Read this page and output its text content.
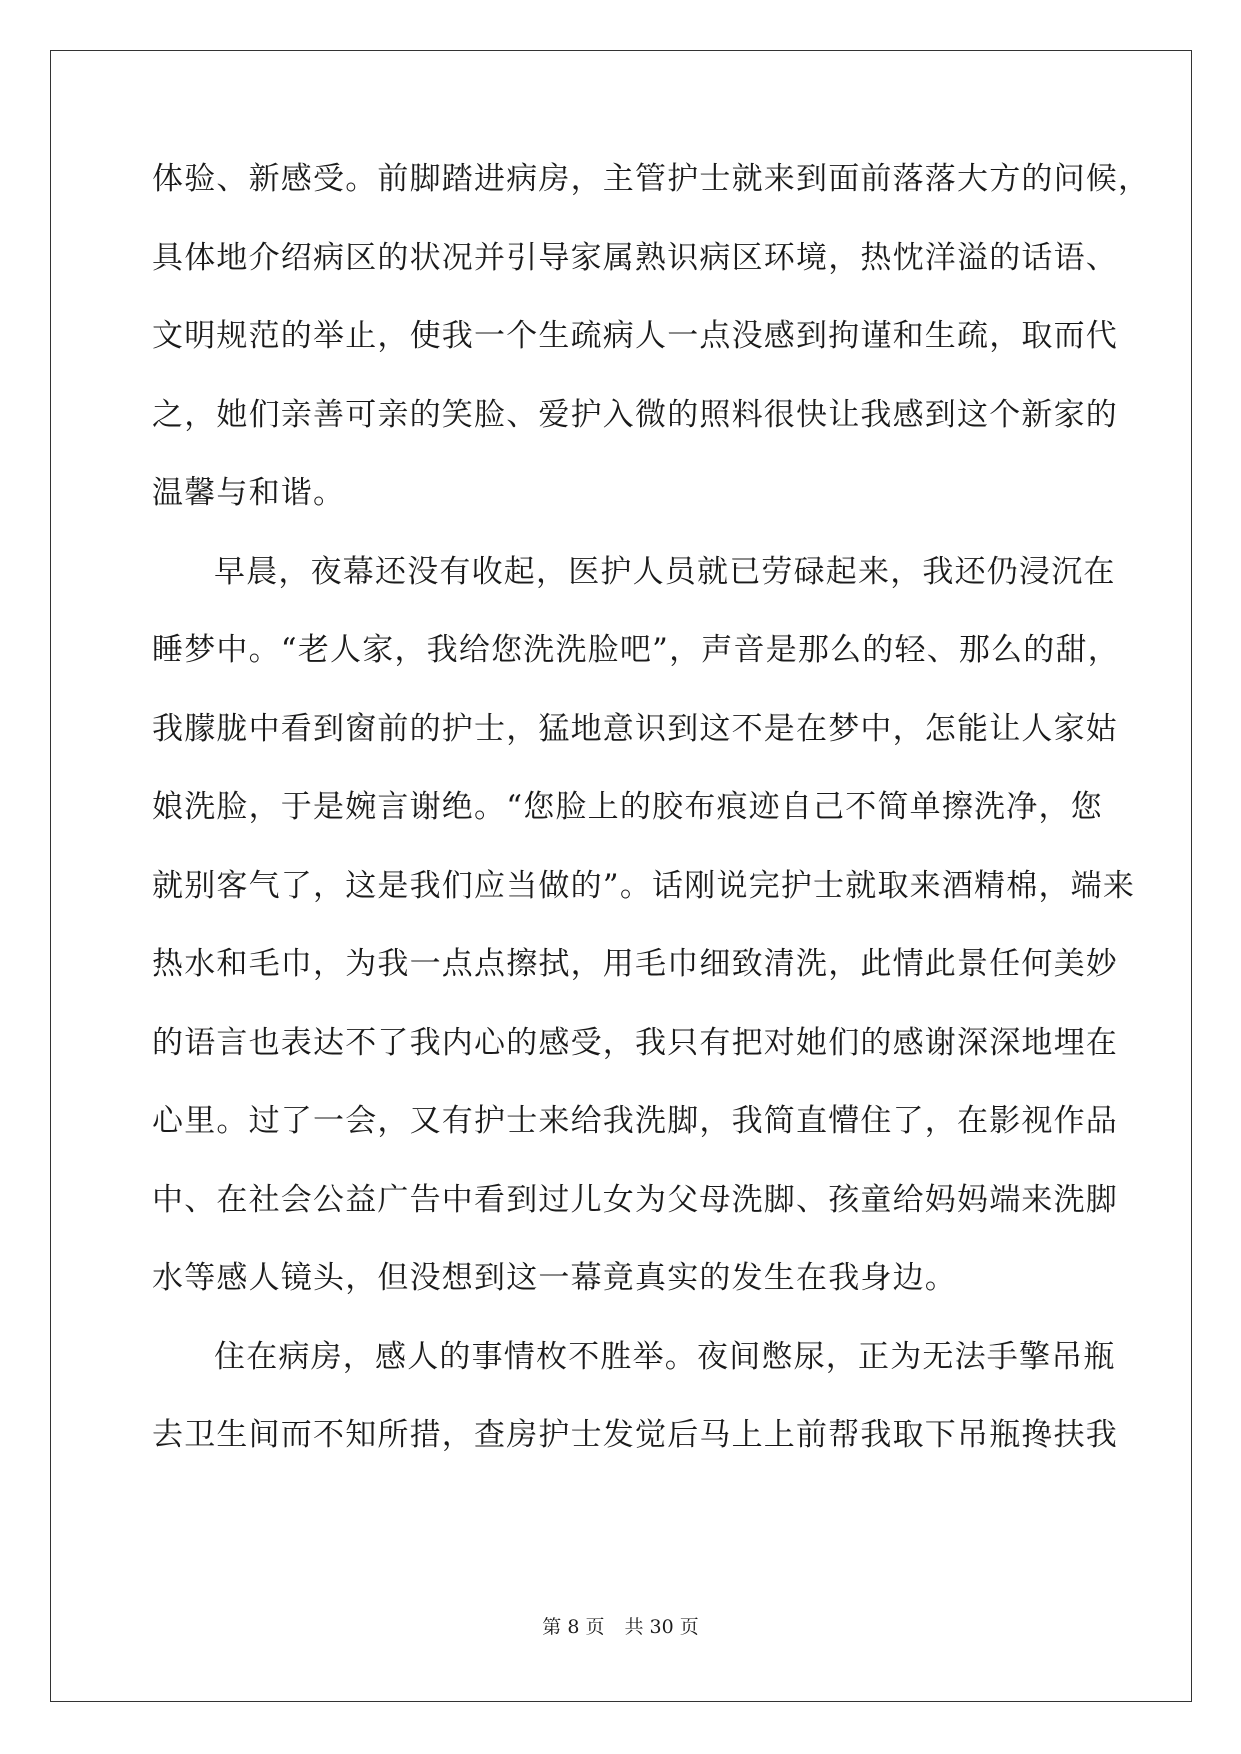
体验、新感受。前脚踏进病房，主管护士就来到面前落落大方的问候，
具体地介绍病区的状况并引导家属熟识病区环境，热忱洋溢的话语、
文明规范的举止，使我一个生疏病人一点没感到拘谨和生疏，取而代
之，她们亲善可亲的笑脸、爱护入微的照料很快让我感到这个新家的
温馨与和谐。
早晨，夜幕还没有收起，医护人员就已劳碌起来，我还仍浸沉在
睡梦中。“老人家，我给您洗洗脸吧”，声音是那么的轻、那么的甜，
我朦胧中看到窗前的护士，猛地意识到这不是在梦中，怎能让人家姑
娘洗脸，于是婉言谢绝。“您脸上的胶布痕迹自己不简单擦洗净，您
就别客气了，这是我们应当做的”。话刚说完护士就取来酒精棉，端来
热水和毛巾，为我一点点擦拭，用毛巾细致清洗，此情此景任何美妙
的语言也表达不了我内心的感受，我只有把对她们的感谢深深地埋在
心里。过了一会，又有护士来给我洗脚，我简直懵住了，在影视作品
中、在社会公益广告中看到过儿女为父母洗脚、孩童给妈妈端来洗脚
水等感人镜头，但没想到这一幕竟真实的发生在我身边。
住在病房，感人的事情枚不胜举。夜间憋尿，正为无法手擎吊瓶
去卫生间而不知所措，查房护士发觉后马上上前帮我取下吊瓶搀扶我
第 8 页 共 30 页
